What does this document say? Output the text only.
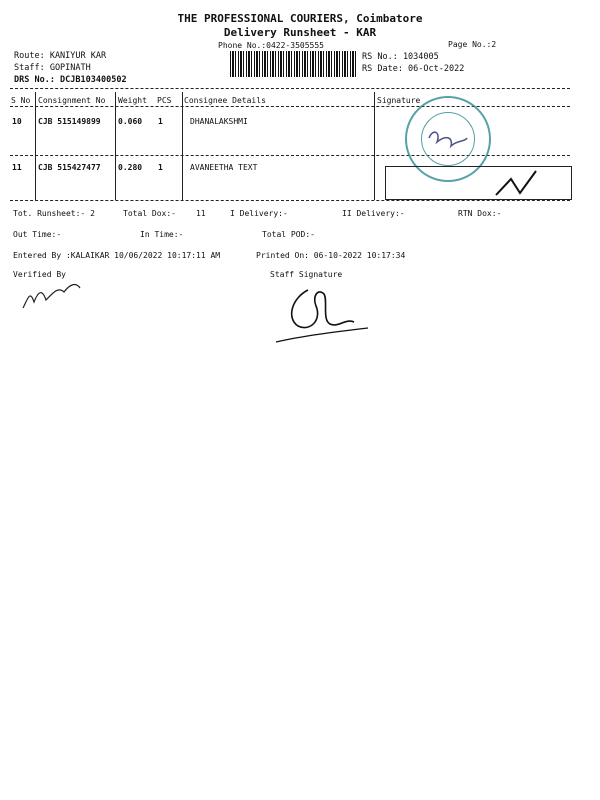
THE PROFESSIONAL COURIERS, Coimbatore
Delivery Runsheet - KAR
Phone No.:0422-3505555	Page No.:2
Route: KANIYUR KAR
Staff: GOPINATH
DRS No.: DCJB103400502
RS No.: 1034005
RS Date: 06-Oct-2022
S No Consignment No Weight PCS Consignee Details	Signature
10 CJB 515149899 0.060 1	DHANALAKSHMI
11 CJB 515427477 0.280 1	AVANEETHA TEXT
Tot. Runsheet:- 2	Total Dox:-	11	I Delivery:-	II Delivery:-	RTN Dox:-
Out Time:-	In Time:-	Total POD:-
Entered By :KALAIKAR 10/06/2022 10:17:11 AM	Printed On: 06-10-2022 10:17:34
Verified By	Staff Signature
